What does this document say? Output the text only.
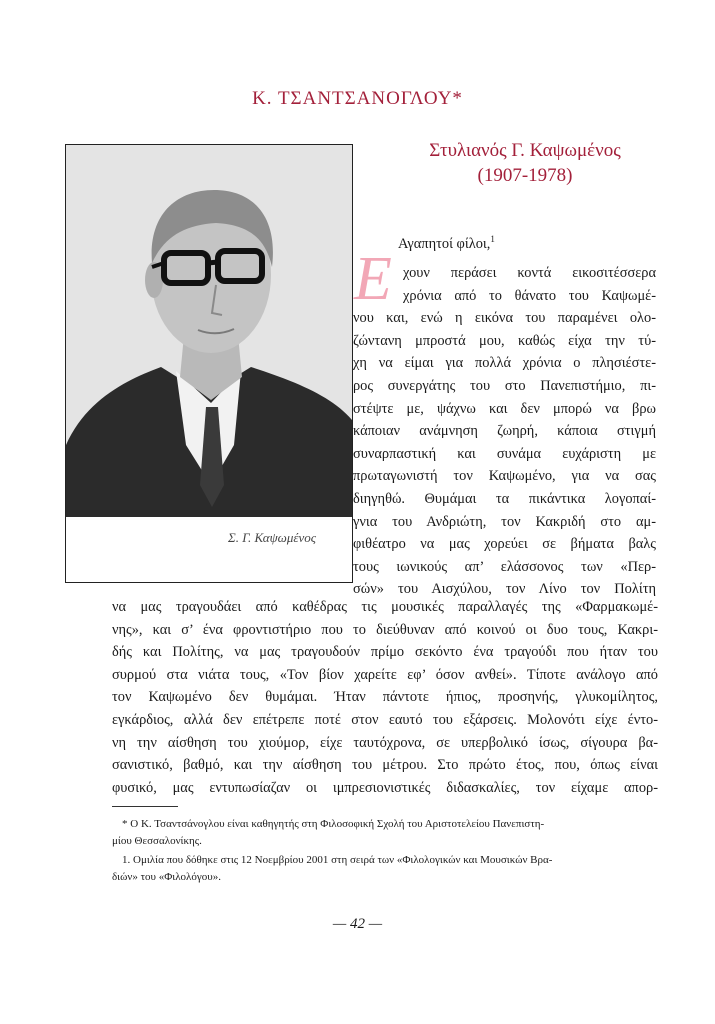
Κ. ΤΣΑΝΤΣΑΝΟΓΛΟΥ*
Στυλιανός Γ. Καψωμένος
(1907-1978)
Σ. Γ. Καψωμένος
Αγαπητοί φίλοι,$^1$
Ε χουν περάσει κοντά εικοσιτέσσερα
χρόνια από το θάνατο του Καψωμέ-
νου και, ενώ η εικόνα του παραμένει ολο-
ζώντανη μπροστά μου, καθώς είχα την τύ-
χη να είμαι για πολλά χρόνια ο πλησιέστε-
ρος συνεργάτης του στο Πανεπιστήμιο, πι-
στέψτε με, ψάχνω και δεν μπορώ να βρω
κάποιαν ανάμνηση ζωηρή, κάποια στιγμή
συναρπαστική και συνάμα ευχάριστη με
πρωταγωνιστή τον Καψωμένο, για να σας
διηγηθώ. Θυμάμαι τα πικάντικα λογοπαί-
γνια του Ανδριώτη, τον Κακριδή στο αμ-
φιθέατρο να μας χορεύει σε βήματα βαλς
τους ιωνικούς απ’ ελάσσονος των «Περ-
σών» του Αισχύλου, τον Λίνο τον Πολίτη
να μας τραγουδάει από καθέδρας τις μουσικές παραλλαγές της «Φαρμακωμέ-
νης», και σ’ ένα φροντιστήριο που το διεύθυναν από κοινού οι δυο τους, Κακρι-
δής και Πολίτης, να μας τραγουδούν πρίμο σεκόντο ένα τραγούδι που ήταν του
συρμού στα νιάτα τους, «Τον βίον χαρείτε εφ’ όσον ανθεί». Τίποτε ανάλογο από
τον Καψωμένο δεν θυμάμαι. Ήταν πάντοτε ήπιος, προσηνής, γλυκομίλητος,
εγκάρδιος, αλλά δεν επέτρεπε ποτέ στον εαυτό του εξάρσεις. Μολονότι είχε έντο-
νη την αίσθηση του χιούμορ, είχε ταυτόχρονα, σε υπερβολικό ίσως, σίγουρα βα-
σανιστικό, βαθμό, και την αίσθηση του μέτρου. Στο πρώτο έτος, που, όπως είναι
φυσικό, μας εντυπωσίαζαν οι ιμπρεσιονιστικές διδασκαλίες, τον είχαμε απορ-
* Ο Κ. Τσαντσάνογλου είναι καθηγητής στη Φιλοσοφική Σχολή του Αριστοτελείου Πανεπιστη-
μίου Θεσσαλονίκης.
1. Ομιλία που δόθηκε στις 12 Νοεμβρίου 2001 στη σειρά των «Φιλολογικών και Μουσικών Βρα-
διών» του «Φιλολόγου».
— 42 —
